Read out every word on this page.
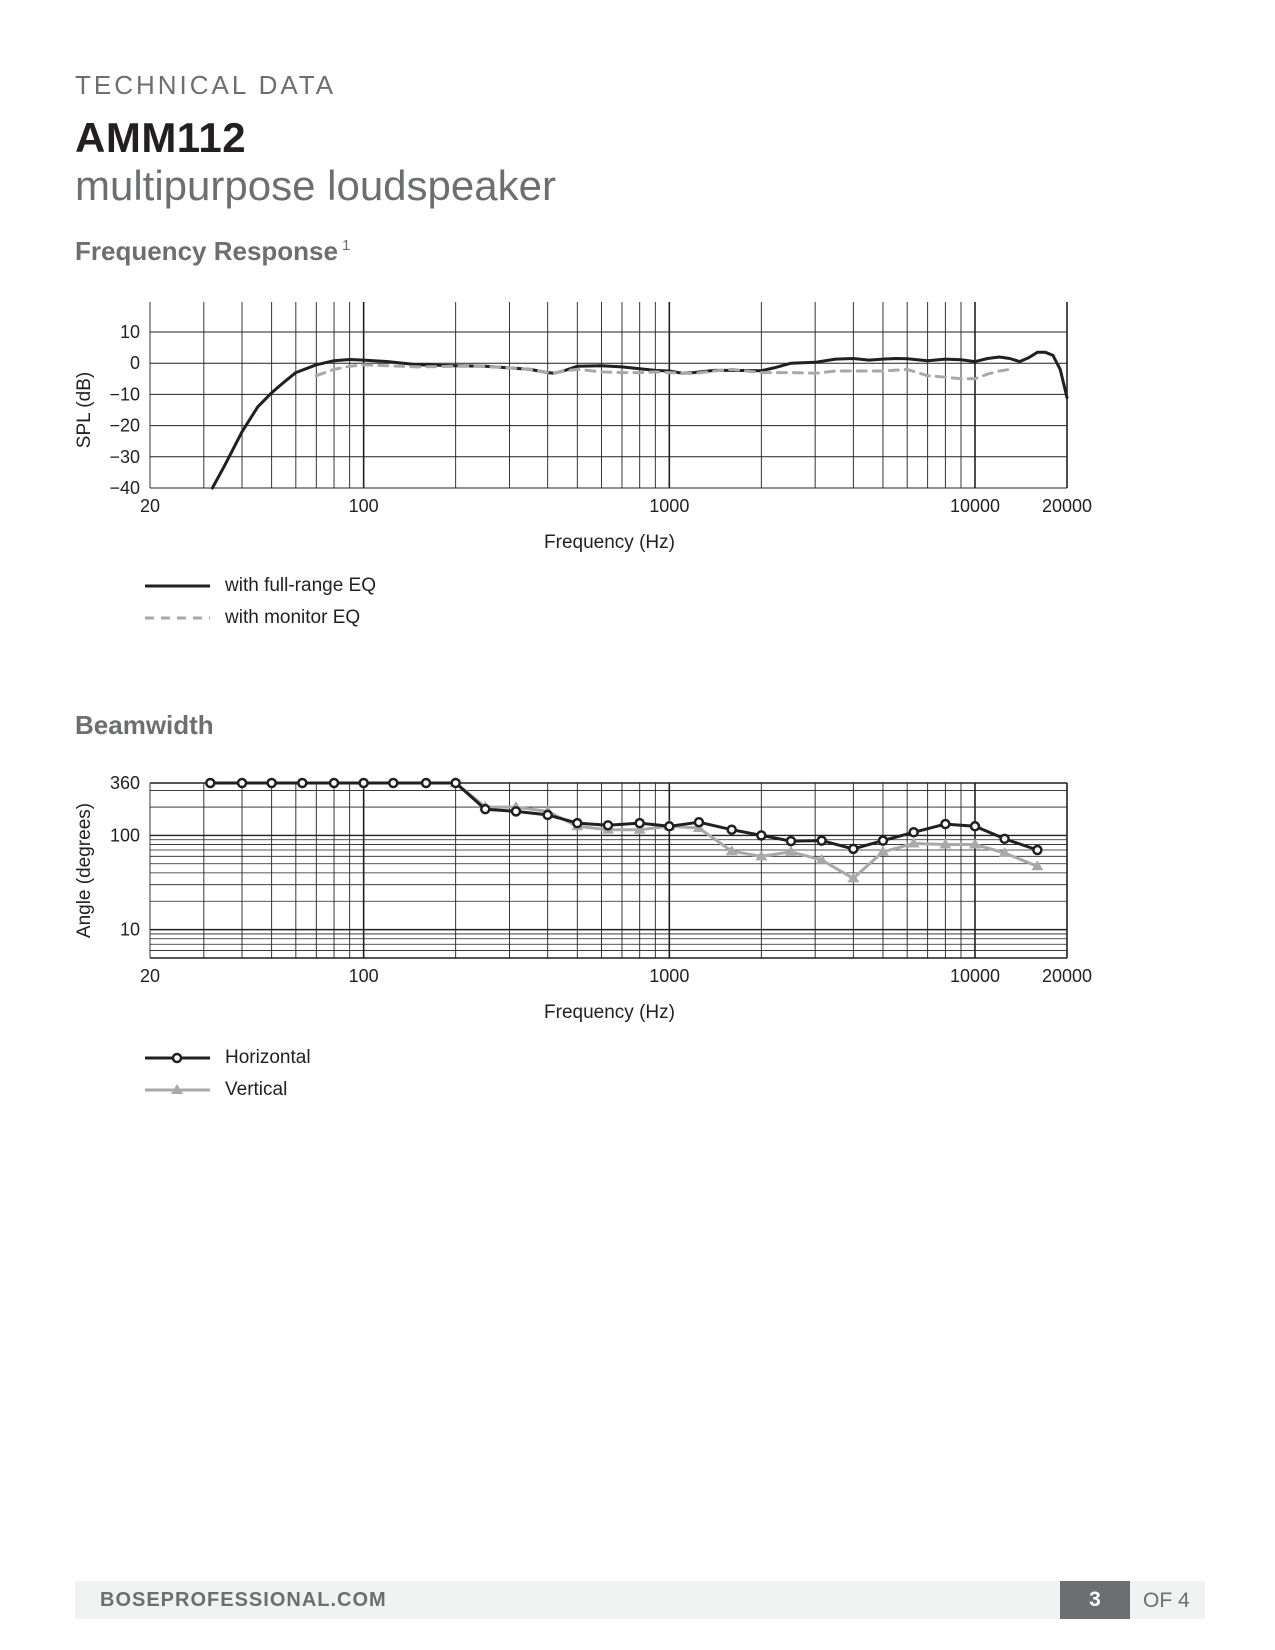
TECHNICAL DATA
AMM112
multipurpose loudspeaker
Frequency Response $^1$
10
0
−10
−20
−30
−40
20	100	1000	10000 20000
Frequency (Hz)
SPL (dB)
with full-range EQ
with monitor EQ
Beamwidth
360
100
10
20	100	1000	10000 20000
Frequency (Hz)
Angle (degrees)
Horizontal
Vertical
BOSEPROFESSIONAL.COM	3	OF 4
